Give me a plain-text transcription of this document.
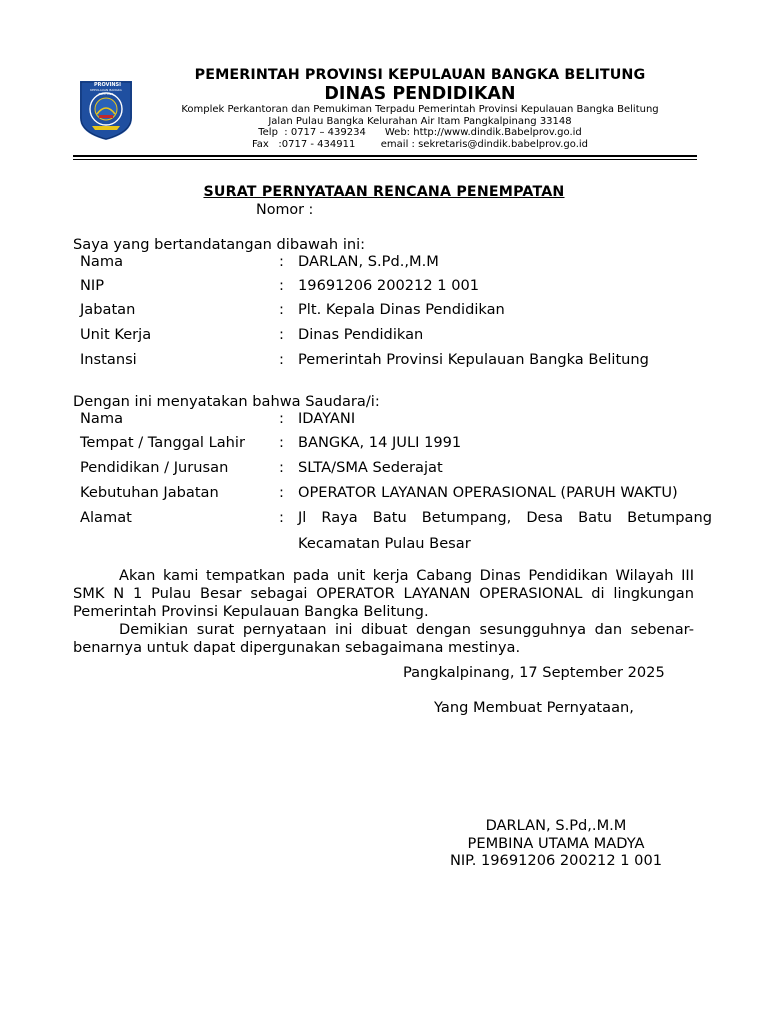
PROVINSI
KEPULAUAN BANGKA BELITUNG
PEMERINTAH PROVINSI KEPULAUAN BANGKA BELITUNG
DINAS PENDIDIKAN
Komplek Perkantoran dan Pemukiman Terpadu Pemerintah Provinsi Kepulauan Bangka Belitung
Jalan Pulau Bangka Kelurahan Air Itam Pangkalpinang 33148
Telp  : 0717 – 439234      Web: http://www.dindik.Babelprov.go.id
Fax   :0717 - 434911        email : sekretaris@dindik.babelprov.go.id
SURAT PERNYATAAN RENCANA PENEMPATAN
Nomor :
Saya yang bertandatangan dibawah ini:
Nama	: DARLAN, S.Pd.,M.M
NIP	: 19691206 200212 1 001
Jabatan	: Plt. Kepala Dinas Pendidikan
Unit Kerja	: Dinas Pendidikan
Instansi	: Pemerintah Provinsi Kepulauan Bangka Belitung
Dengan ini menyatakan bahwa Saudara/i:
Nama	: IDAYANI
Tempat / Tanggal Lahir : BANGKA, 14 JULI 1991
Pendidikan / Jurusan	: SLTA/SMA Sederajat
Kebutuhan Jabatan	: OPERATOR LAYANAN OPERASIONAL (PARUH WAKTU)
Alamat	: Jl Raya Batu Betumpang, Desa Batu Betumpang
Kecamatan Pulau Besar

Akan kami tempatkan pada unit kerja Cabang Dinas Pendidikan Wilayah III SMK N 1 Pulau Besar sebagai OPERATOR LAYANAN OPERASIONAL di lingkungan Pemerintah Provinsi Kepulauan Bangka Belitung.

Demikian surat pernyataan ini dibuat dengan sesungguhnya dan sebenar-benarnya untuk dapat dipergunakan sebagaimana mestinya.

Pangkalpinang, 17 September 2025
Yang Membuat Pernyataan,
DARLAN, S.Pd,.M.M
PEMBINA UTAMA MADYA
NIP. 19691206 200212 1 001
